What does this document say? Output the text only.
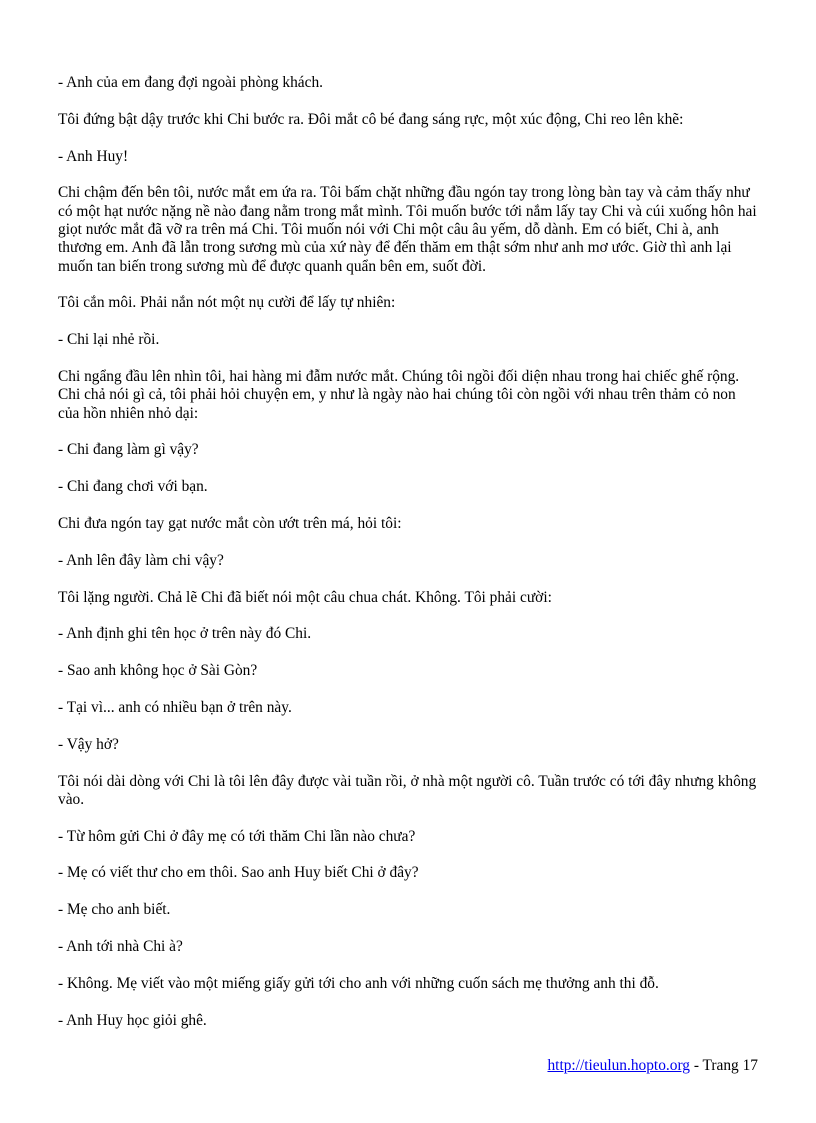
- Anh của em đang đợi ngoài phòng khách.

Tôi đứng bật dậy trước khi Chi bước ra. Đôi mắt cô bé đang sáng rực, một xúc động, Chi reo lên khẽ:

- Anh Huy!

Chi chậm đến bên tôi, nước mắt em ứa ra. Tôi bấm chặt những đầu ngón tay trong lòng bàn tay và cảm thấy như có một hạt nước nặng nề nào đang nằm trong mắt mình. Tôi muốn bước tới nắm lấy tay Chi và cúi xuống hôn hai giọt nước mắt đã vỡ ra trên má Chi. Tôi muốn nói với Chi một câu âu yếm, dỗ dành. Em có biết, Chi à, anh thương em. Anh đã lẫn trong sương mù của xứ này để đến thăm em thật sớm như anh mơ ước. Giờ thì anh lại muốn tan biến trong sương mù để được quanh quẩn bên em, suốt đời.

Tôi cắn môi. Phải nắn nót một nụ cười để lấy tự nhiên:

- Chi lại nhẻ rồi.

Chi ngẩng đầu lên nhìn tôi, hai hàng mi đẫm nước mắt. Chúng tôi ngồi đối diện nhau trong hai chiếc ghế rộng. Chi chả nói gì cả, tôi phải hỏi chuyện em, y như là ngày nào hai chúng tôi còn ngồi với nhau trên thảm cỏ non của hồn nhiên nhỏ dại:

- Chi đang làm gì vậy?

- Chi đang chơi với bạn.

Chi đưa ngón tay gạt nước mắt còn ướt trên má, hỏi tôi:

- Anh lên đây làm chi vậy?

Tôi lặng người. Chả lẽ Chi đã biết nói một câu chua chát. Không. Tôi phải cười:

- Anh định ghi tên học ở trên này đó Chi.

- Sao anh không học ở Sài Gòn?

- Tại vì... anh có nhiều bạn ở trên này.

- Vậy hở?

Tôi nói dài dòng với Chi là tôi lên đây được vài tuần rồi, ở nhà một người cô. Tuần trước có tới đây nhưng không vào.

- Từ hôm gửi Chi ở đây mẹ có tới thăm Chi lần nào chưa?

- Mẹ có viết thư cho em thôi. Sao anh Huy biết Chi ở đây?

- Mẹ cho anh biết.

- Anh tới nhà Chi à?

- Không. Mẹ viết vào một miếng giấy gửi tới cho anh với những cuốn sách mẹ thưởng anh thi đỗ.

- Anh Huy học giỏi ghê.

http://tieulun.hopto.org - Trang 17
